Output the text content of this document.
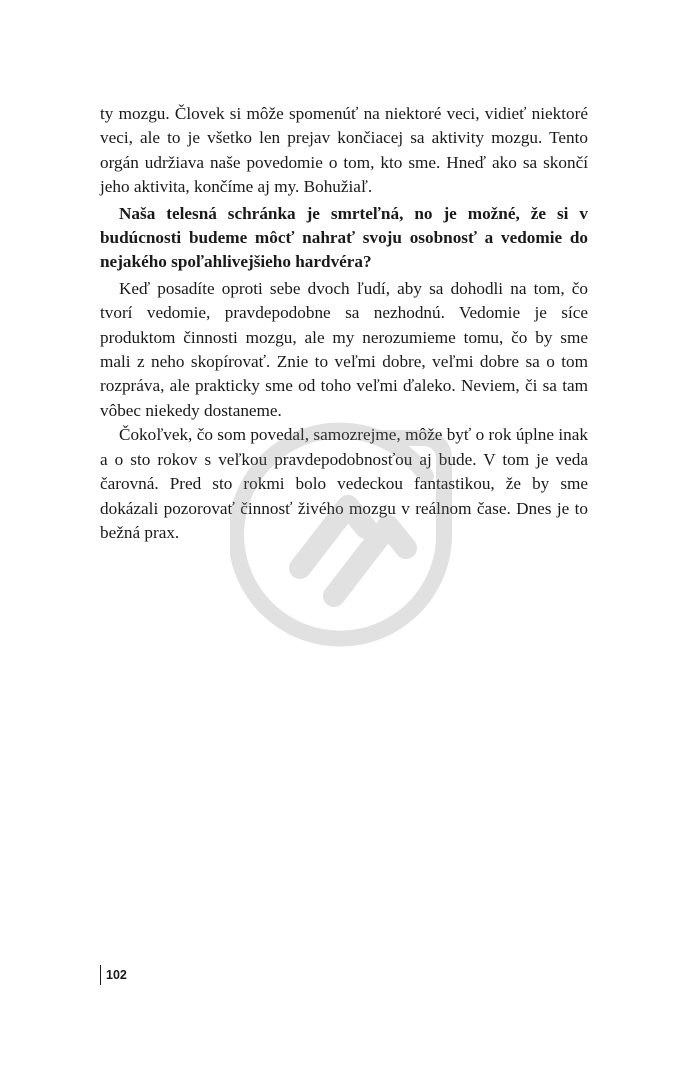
ty mozgu. Človek si môže spomenúť na niektoré veci, vidieť niektoré veci, ale to je všetko len prejav končiacej sa aktivity mozgu. Tento orgán udržiava naše povedomie o tom, kto sme. Hneď ako sa skončí jeho aktivita, končíme aj my. Bohužiaľ.

Naša telesná schránka je smrteľná, no je možné, že si v budúcnosti budeme môcť nahrať svoju osobnosť a vedomie do nejakého spoľahlivejšieho hardvéra?

Keď posadíte oproti sebe dvoch ľudí, aby sa dohodli na tom, čo tvorí vedomie, pravdepodobne sa nezhodnú. Vedomie je síce produktom činnosti mozgu, ale my nerozumieme tomu, čo by sme mali z neho skopírovať. Znie to veľmi dobre, veľmi dobre sa o tom rozpráva, ale prakticky sme od toho veľmi ďaleko. Neviem, či sa tam vôbec niekedy dostaneme.

Čokoľvek, čo som povedal, samozrejme, môže byť o rok úplne inak a o sto rokov s veľkou pravdepodobnosťou aj bude. V tom je veda čarovná. Pred sto rokmi bolo vedeckou fantastikou, že by sme dokázali pozorovať činnosť živého mozgu v reálnom čase. Dnes je to bežná prax.

102
